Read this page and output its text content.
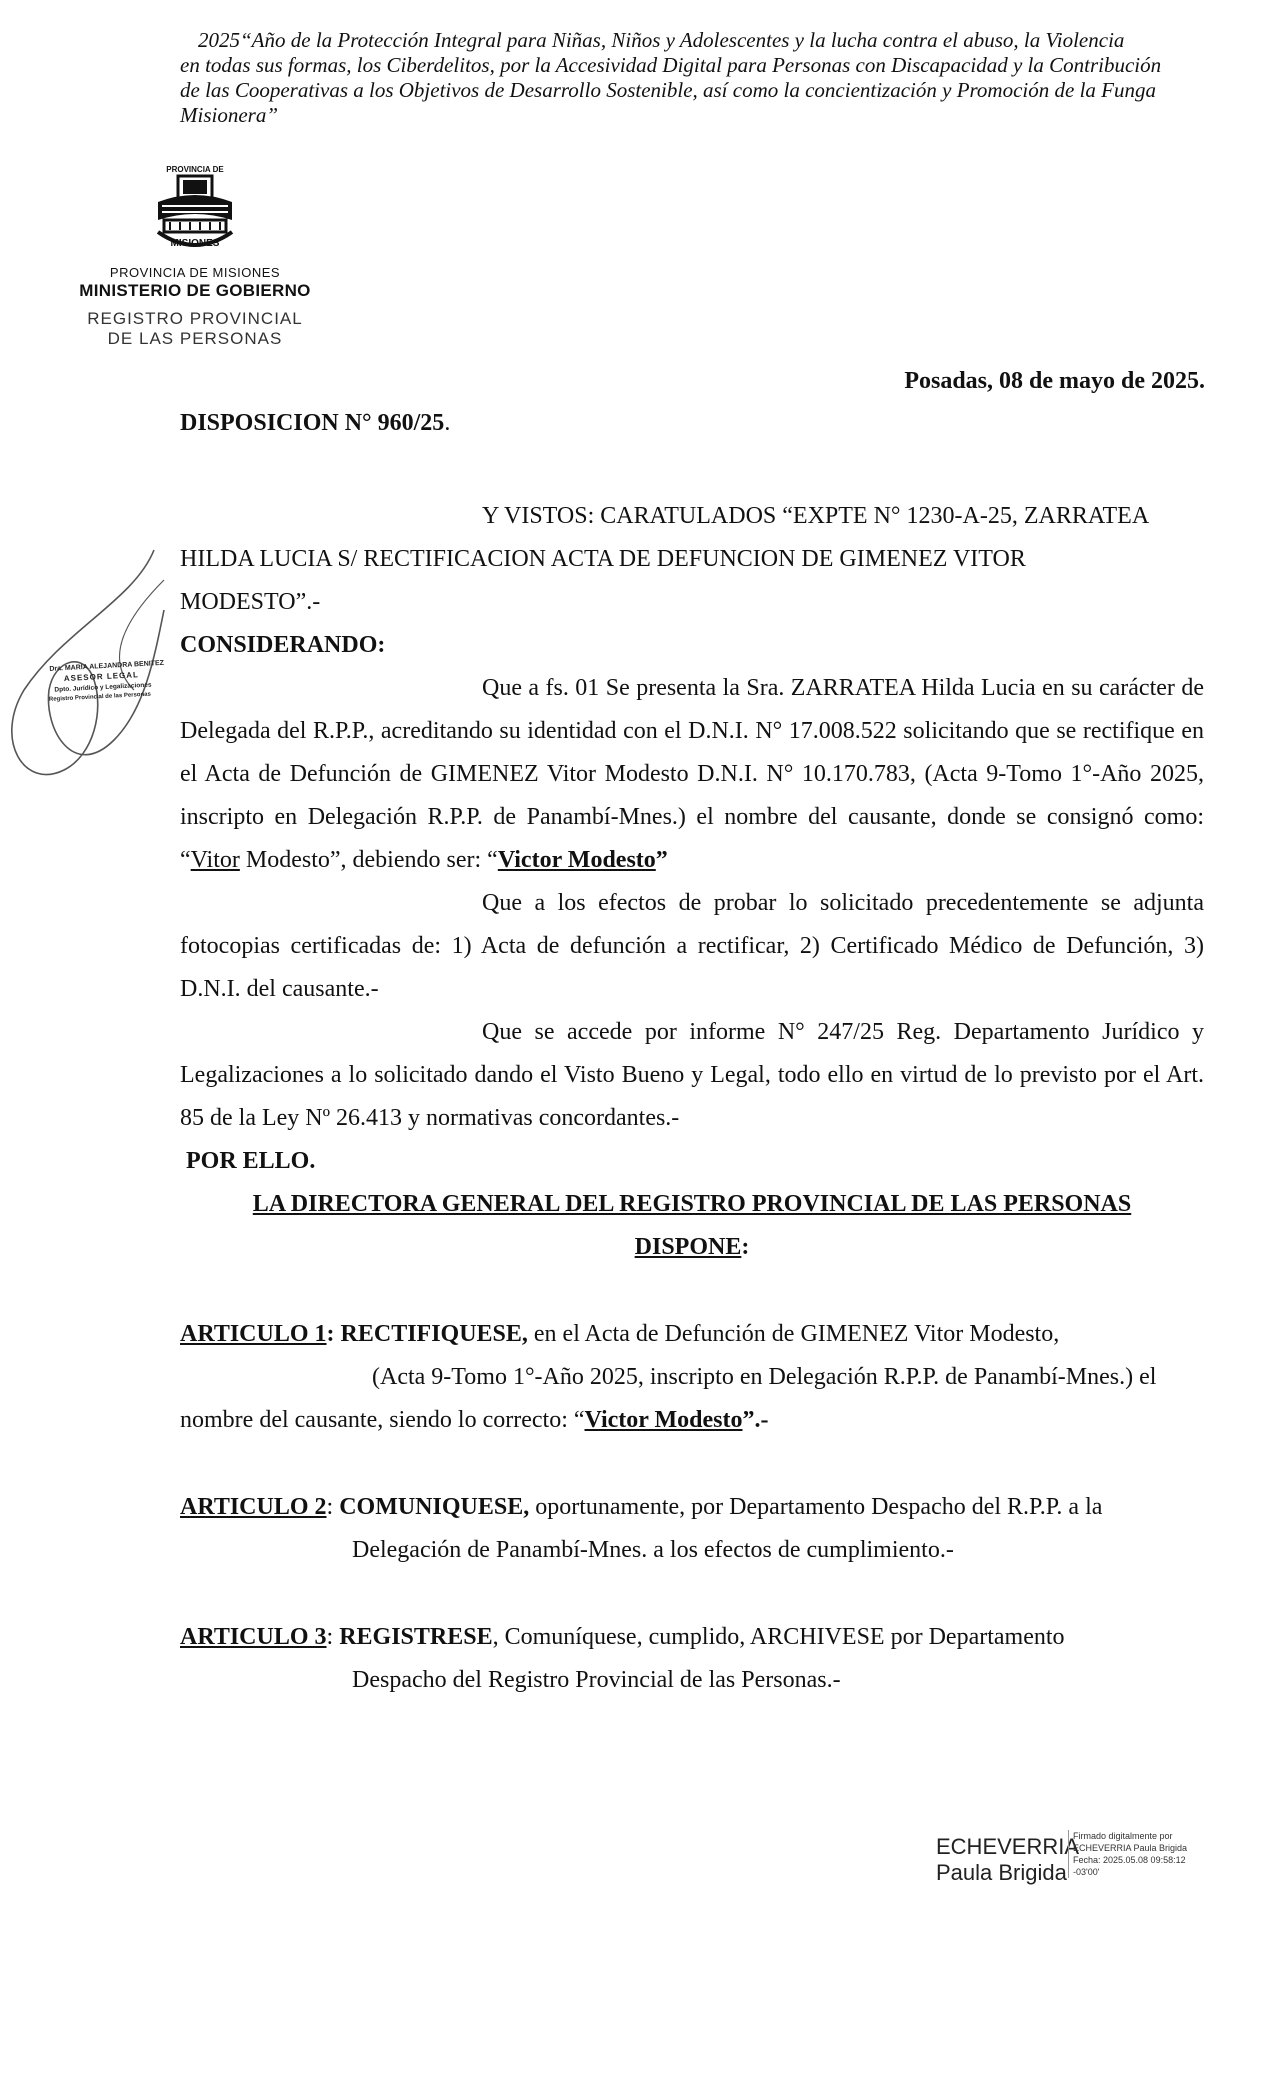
2025“Año de la Protección Integral para Niñas, Niños y Adolescentes y la lucha contra el abuso, la Violencia
en todas sus formas, los Ciberdelitos, por la Accesividad Digital para Personas con Discapacidad y la Contribución
de las Cooperativas a los Objetivos de Desarrollo Sostenible, así como la concientización y Promoción de la Funga
Misionera”
PROVINCIA DE
MISIONES
PROVINCIA DE MISIONES
MINISTERIO DE GOBIERNO
REGISTRO PROVINCIAL
DE LAS PERSONAS
Dra. MARIA ALEJANDRA BENITEZ
ASESOR LEGAL
Dpto. Jurídico y Legalizaciones
Registro Provincial de las Personas
Posadas, 08 de mayo de 2025.
DISPOSICION N° 960/25.

Y VISTOS: CARATULADOS “EXPTE N° 1230-A-25, ZARRATEA

HILDA LUCIA S/ RECTIFICACION ACTA DE DEFUNCION DE GIMENEZ VITOR

MODESTO”.-

CONSIDERANDO:

Que a fs. 01 Se presenta la Sra. ZARRATEA Hilda Lucia en su carácter de Delegada del R.P.P., acreditando su identidad con el D.N.I. N° 17.008.522 solicitando que se rectifique en el Acta de Defunción de GIMENEZ Vitor Modesto D.N.I. N° 10.170.783, (Acta 9-Tomo 1°-Año 2025, inscripto en Delegación R.P.P. de Panambí-Mnes.) el nombre del causante, donde se consignó como: “Vitor Modesto”, debiendo ser: “Victor Modesto”

Que a los efectos de probar lo solicitado precedentemente se adjunta fotocopias certificadas de: 1) Acta de defunción a rectificar, 2) Certificado Médico de Defunción, 3) D.N.I. del causante.-

Que se accede por informe N° 247/25 Reg. Departamento Jurídico y Legalizaciones a lo solicitado dando el Visto Bueno y Legal, todo ello en virtud de lo previsto por el Art. 85 de la Ley Nº 26.413 y normativas concordantes.-

POR ELLO.

LA DIRECTORA GENERAL DEL REGISTRO PROVINCIAL DE LAS PERSONAS

DISPONE:

ARTICULO 1: RECTIFIQUESE, en el Acta de Defunción de GIMENEZ Vitor Modesto,

(Acta 9-Tomo 1°-Año 2025, inscripto en Delegación R.P.P. de Panambí-Mnes.) el

nombre del causante, siendo lo correcto: “Victor Modesto”.-

ARTICULO 2: COMUNIQUESE, oportunamente, por Departamento Despacho del R.P.P. a la

Delegación de Panambí-Mnes. a los efectos de cumplimiento.-

ARTICULO 3: REGISTRESE, Comuníquese, cumplido, ARCHIVESE por Departamento

Despacho del Registro Provincial de las Personas.-

ECHEVERRIA
Paula Brigida
Firmado digitalmente por
ECHEVERRIA Paula Brigida
Fecha: 2025.05.08 09:58:12
-03'00'
